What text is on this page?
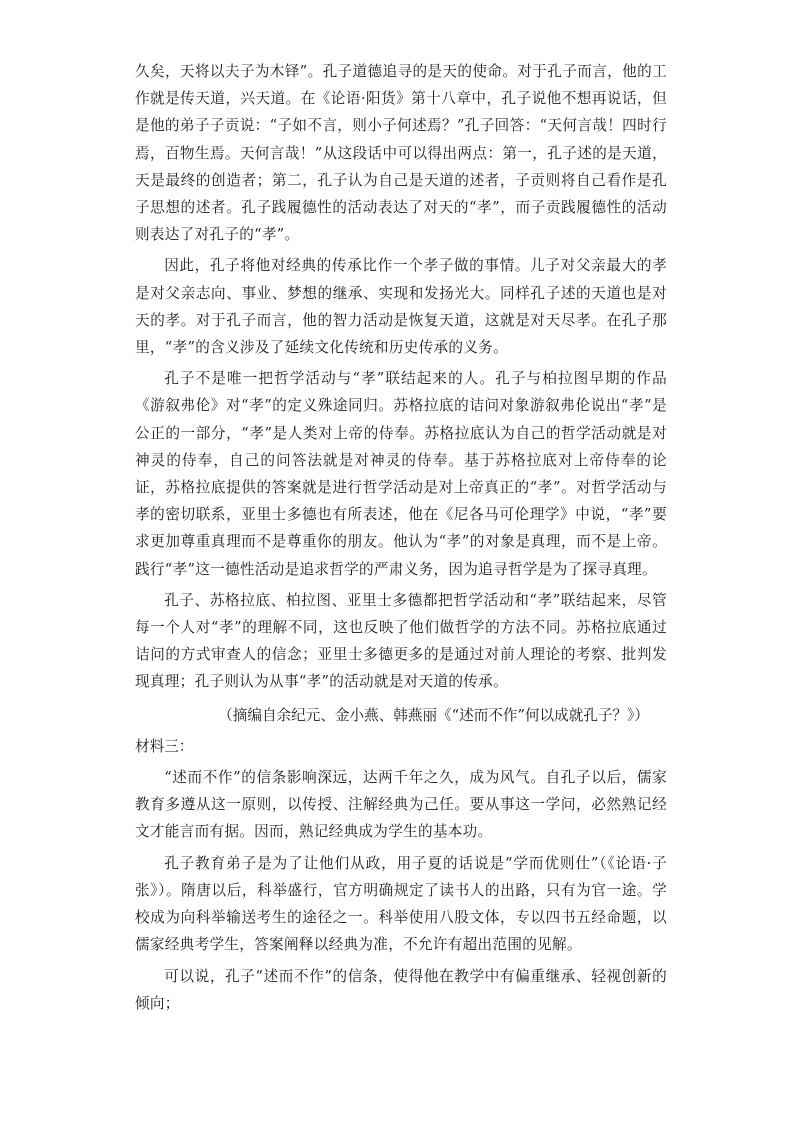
久矣，天将以夫子为木铎”。孔子道德追寻的是天的使命。对于孔子而言，他的工作就是传天道，兴天道。在《论语·阳货》第十八章中，孔子说他不想再说话，但是他的弟子子贡说：“子如不言，则小子何述焉？”孔子回答：“天何言哉！四时行焉，百物生焉。天何言哉！”从这段话中可以得出两点：第一，孔子述的是天道，天是最终的创造者；第二，孔子认为自己是天道的述者，子贡则将自己看作是孔子思想的述者。孔子践履德性的活动表达了对天的“孝”，而子贡践履德性的活动则表达了对孔子的“孝”。

因此，孔子将他对经典的传承比作一个孝子做的事情。儿子对父亲最大的孝是对父亲志向、事业、梦想的继承、实现和发扬光大。同样孔子述的天道也是对天的孝。对于孔子而言，他的智力活动是恢复天道，这就是对天尽孝。在孔子那里，“孝”的含义涉及了延续文化传统和历史传承的义务。

孔子不是唯一把哲学活动与“孝”联结起来的人。孔子与柏拉图早期的作品《游叙弗伦》对“孝”的定义殊途同归。苏格拉底的诘问对象游叙弗伦说出“孝”是公正的一部分，“孝”是人类对上帝的侍奉。苏格拉底认为自己的哲学活动就是对神灵的侍奉，自己的问答法就是对神灵的侍奉。基于苏格拉底对上帝侍奉的论证，苏格拉底提供的答案就是进行哲学活动是对上帝真正的“孝”。对哲学活动与孝的密切联系，亚里士多德也有所表述，他在《尼各马可伦理学》中说，“孝”要求更加尊重真理而不是尊重你的朋友。他认为“孝”的对象是真理，而不是上帝。践行“孝”这一德性活动是追求哲学的严肃义务，因为追寻哲学是为了探寻真理。

孔子、苏格拉底、柏拉图、亚里士多德都把哲学活动和“孝”联结起来，尽管每一个人对“孝”的理解不同，这也反映了他们做哲学的方法不同。苏格拉底通过诘问的方式审查人的信念；亚里士多德更多的是通过对前人理论的考察、批判发现真理；孔子则认为从事“孝”的活动就是对天道的传承。

（摘编自余纪元、金小燕、韩燕丽《“述而不作”何以成就孔子？》）

材料三：

“述而不作”的信条影响深远，达两千年之久，成为风气。自孔子以后，儒家教育多遵从这一原则，以传授、注解经典为己任。要从事这一学问，必然熟记经文才能言而有据。因而，熟记经典成为学生的基本功。

孔子教育弟子是为了让他们从政，用子夏的话说是“学而优则仕”（《论语·子张》）。隋唐以后，科举盛行，官方明确规定了读书人的出路，只有为官一途。学校成为向科举输送考生的途径之一。科举使用八股文体，专以四书五经命题，以儒家经典考学生，答案阐释以经典为准，不允许有超出范围的见解。

可以说，孔子“述而不作”的信条，使得他在教学中有偏重继承、轻视创新的倾向；
